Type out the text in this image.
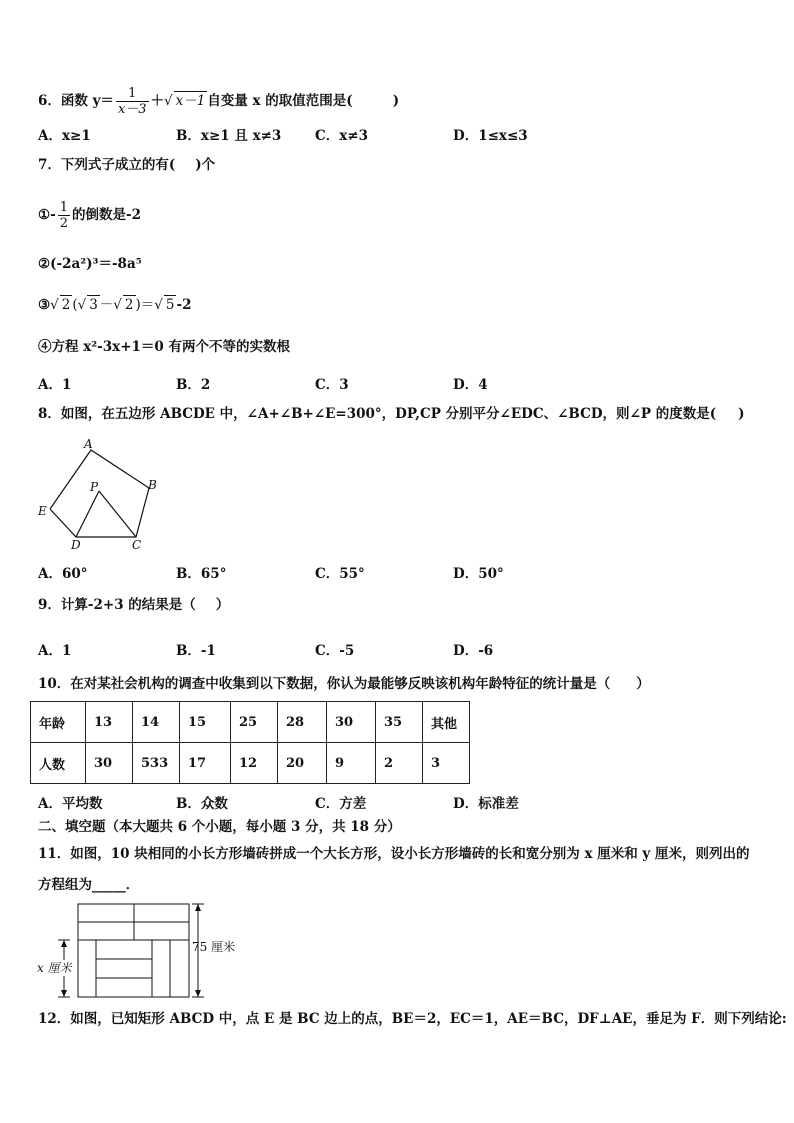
6．函数 $y= \frac{1}{x-3}$ ＋√ x－1 自变量 x 的取值范围是(	)
A．x≥1	B．x≥1 且 x≠3 C．x≠3	D．1≤x≤3
7．下列式子成立的有( )个
①- $\frac{1}{2}$ 的倒数是-2
②(-2a²)³＝-8a⁵
③√ 2 (√ 3 －√ 2 )＝√ 5 -2
④方程 x²-3x+1＝0 有两个不等的实数根
A．1	B．2	C．3	D．4
8．如图，在五边形 ABCDE 中，∠A+∠B+∠E=300°，DP,CP 分别平分∠EDC、∠BCD，则∠P 的度数是( )
A
B
C
D
E
P
A．60°	B．65°	C．55°	D．50°
9．计算-2+3 的结果是（ ）
A．1	B．-1	C．-5	D．-6
10．在对某社会机构的调查中收集到以下数据，你认为最能够反映该机构年龄特征的统计量是（ ）
年龄	13	14	15	25	28	30	35	其他
人数	30	533	17	12	20	9	2	3
A．平均数	B．众数	C．方差	D．标准差
二、填空题（本大题共 6 个小题，每小题 3 分，共 18 分）
11．如图，10 块相同的小长方形墙砖拼成一个大长方形，设小长方形墙砖的长和宽分别为 x 厘米和 y 厘米，则列出的
方程组为_____．
75 厘米
x 厘米
12．如图，已知矩形 ABCD 中，点 E 是 BC 边上的点，BE＝2，EC＝1，AE＝BC，DF⊥AE，垂足为 F．则下列结论:
